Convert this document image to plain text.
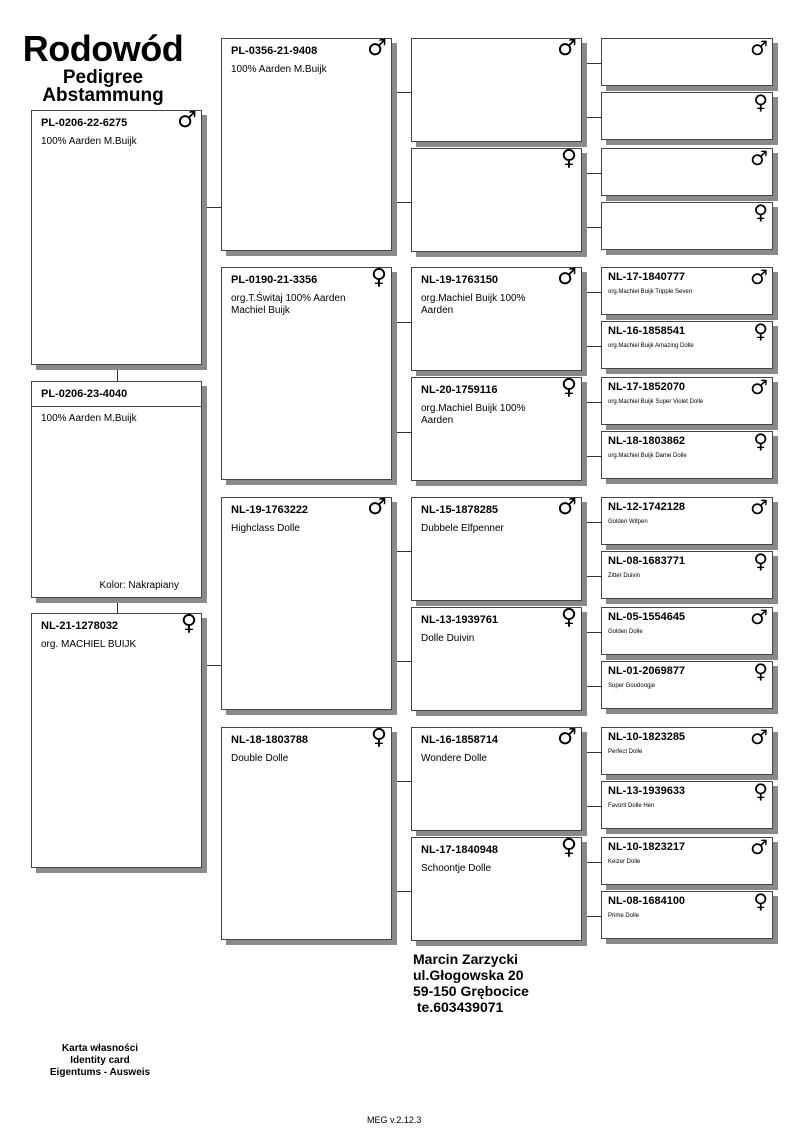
Rodowód
Pedigree
Abstammung
PL-0206-22-6275
100% Aarden M.Buijk
♂
NL-21-1278032
org. MACHIEL BUIJK
♀
PL-0356-21-9408
100% Aarden M.Buijk
♂
PL-0190-21-3356
org.T.Świtaj 100% Aarden Machiel Buijk
♀
NL-19-1763222
Highclass Dolle
♂
NL-18-1803788
Double Dolle
♀
♂
♀
NL-19-1763150
org.Machiel Buijk 100% Aarden
♂
NL-20-1759116
org.Machiel Buijk 100% Aarden
♀
NL-15-1878285
Dubbele Elfpenner
♂
NL-13-1939761
Dolle Duivin
♀
NL-16-1858714
Wondere Dolle
♂
NL-17-1840948
Schoontje Dolle
♀
♂
♀
♂
♀
NL-17-1840777
org.Machiel Buijk Tripple Seven
♂
NL-16-1858541
org.Machiel Buijk Amazing Dolle
♀
NL-17-1852070
org.Machiel Buijk Super Violet Dolle
♂
NL-18-1803862
org.Machiel Buijk Dame Dolle
♀
NL-12-1742128
Golden Witpen
♂
NL-08-1683771
Zitter Duivin
♀
NL-05-1554645
Golden Dolle
♂
NL-01-2069877
Super Goudoogje
♀
NL-10-1823285
Perfect Dolle
♂
NL-13-1939633
Favorit Dolle Hen
♀
NL-10-1823217
Keizer Dolle
♂
NL-08-1684100
Prime Dolle
♀
PL-0206-23-4040
100% Aarden M.Buijk
Kolor: Nakrapiany
Marcin Zarzycki
ul.Głogowska 20
59-150 Grębocice
te.603439071
Karta własności
Identity card
Eigentums - Ausweis
MEG v.2.12.3
